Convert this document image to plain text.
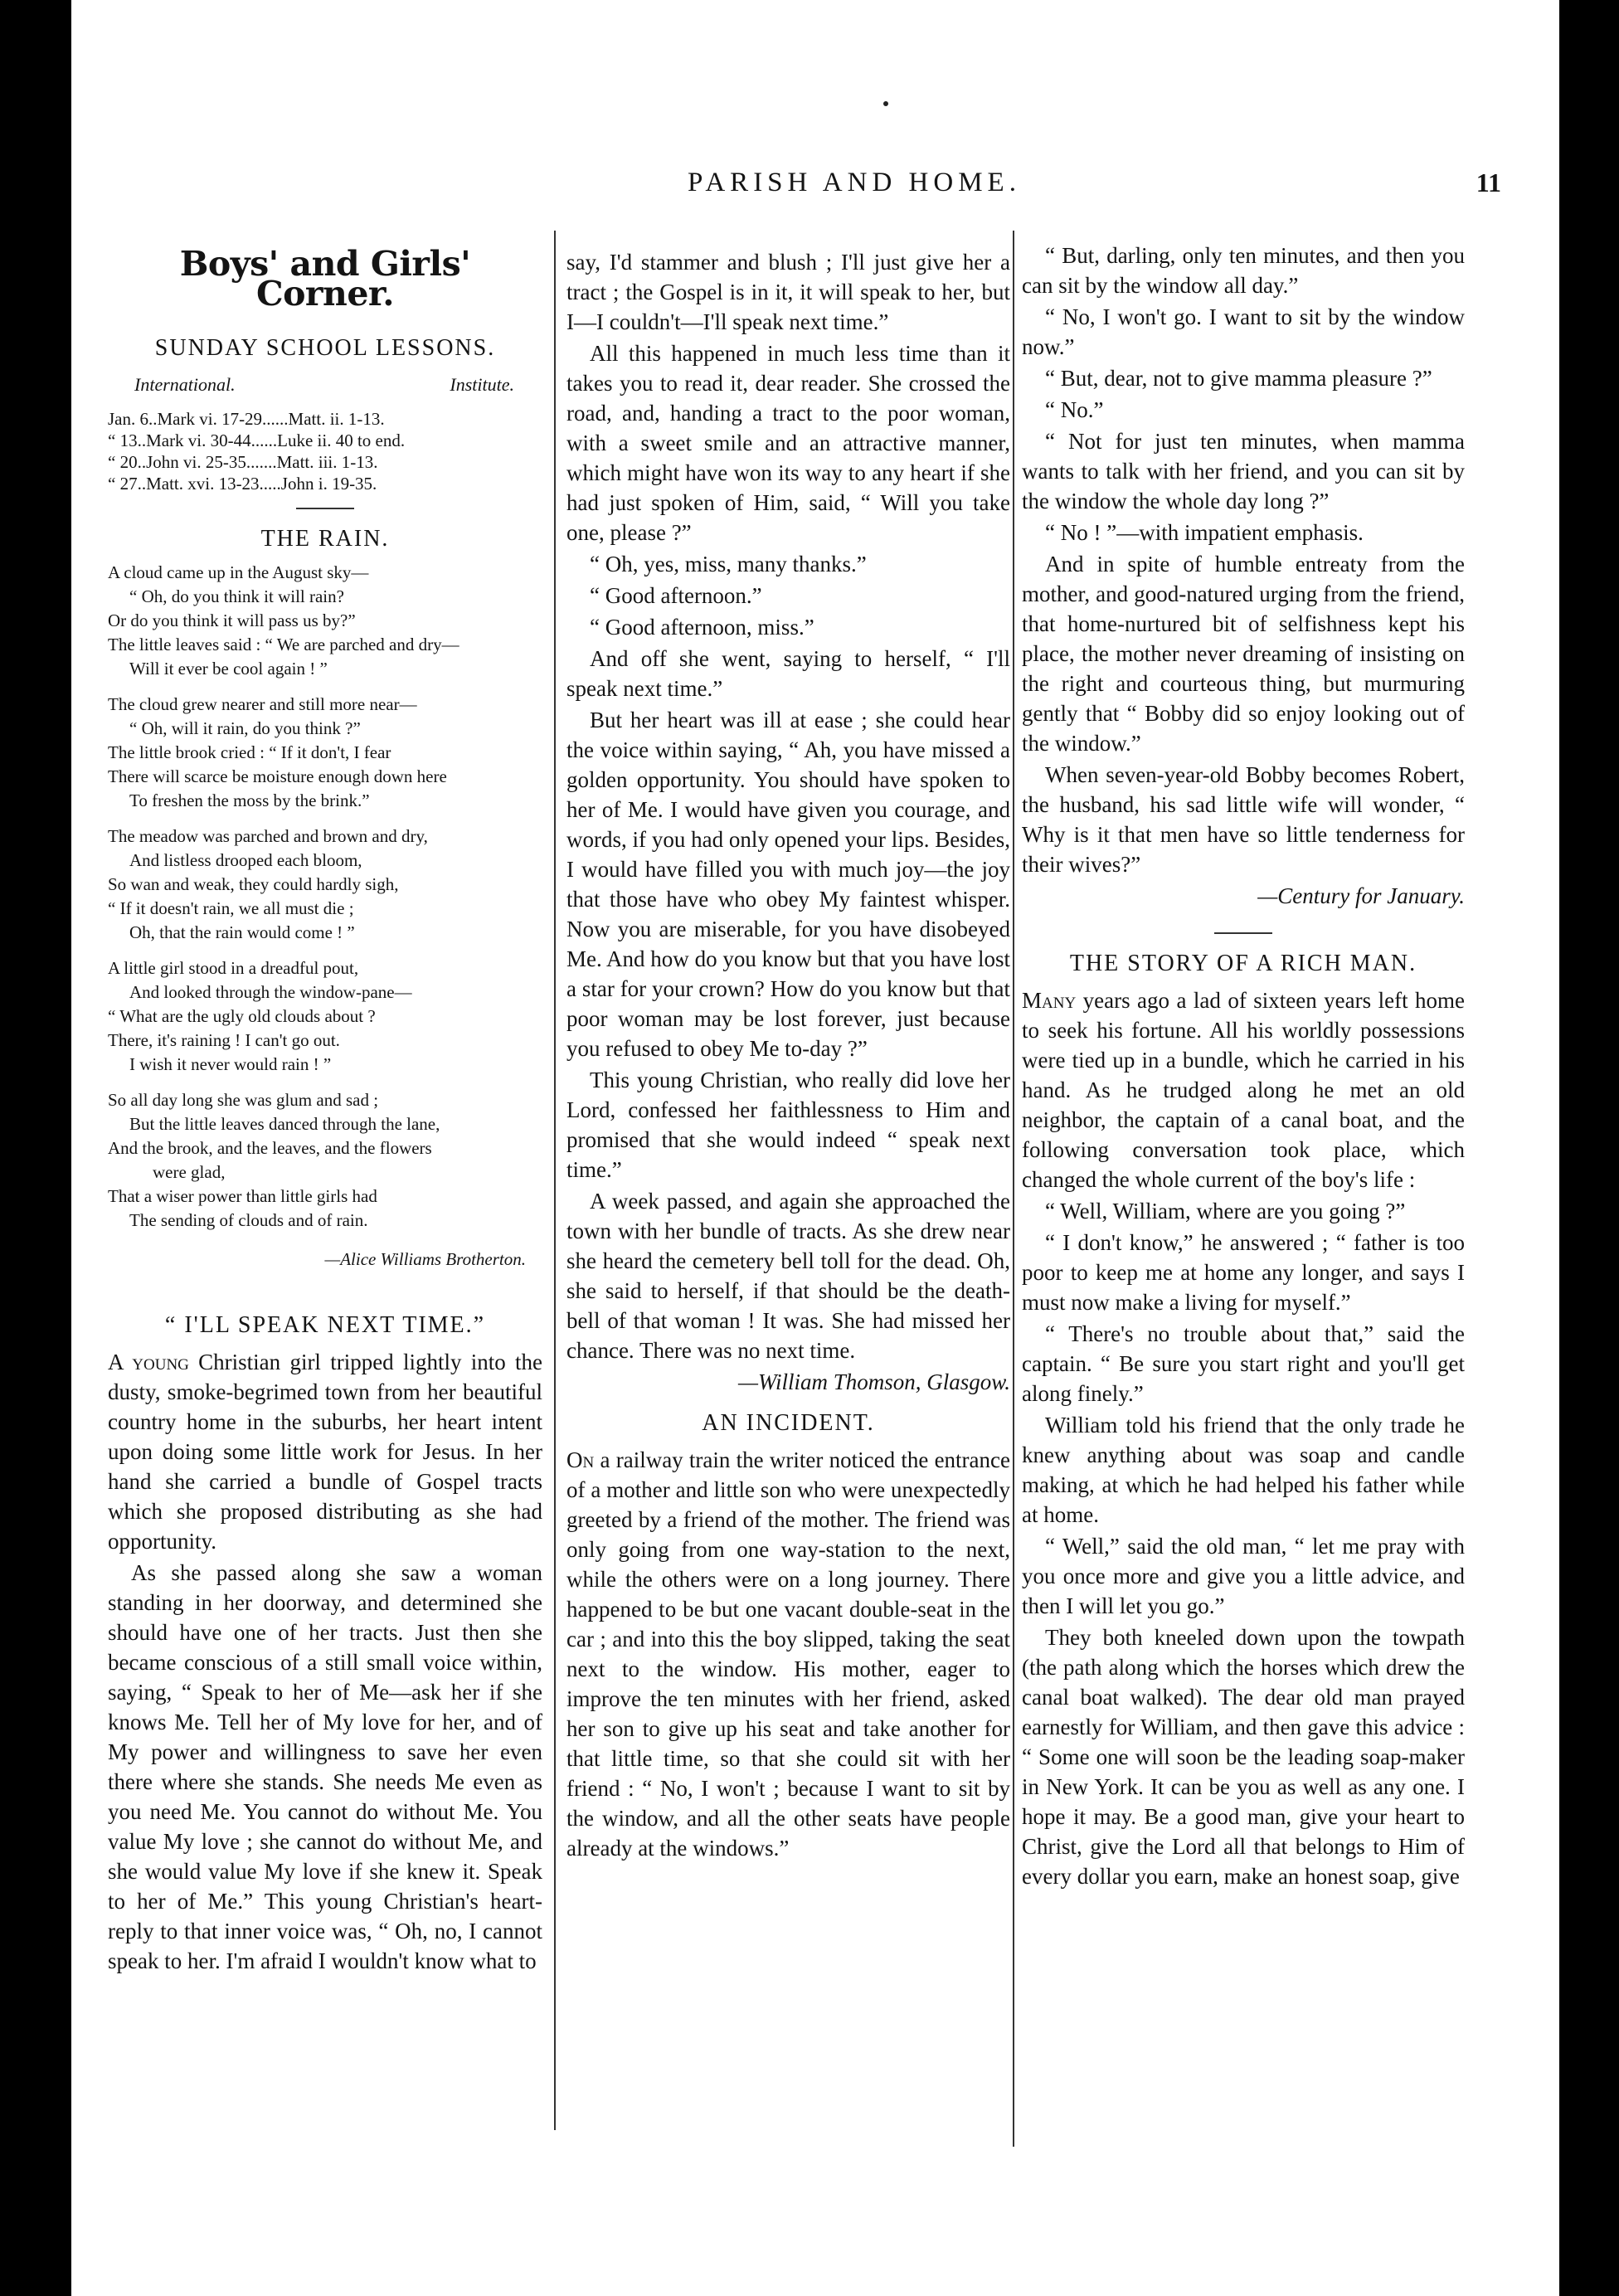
PARISH AND HOME.	11
Boys' and Girls' Corner.
SUNDAY SCHOOL LESSONS.
International.	Institute.
Jan. 6..Mark vi. 17-29......Matt. ii. 1-13.
“ 13..Mark vi. 30-44......Luke ii. 40 to end.
“ 20..John vi. 25-35.......Matt. iii. 1-13.
“ 27..Matt. xvi. 13-23.....John i. 19-35.
THE RAIN.
A cloud came up in the August sky—
“ Oh, do you think it will rain?
Or do you think it will pass us by?”
The little leaves said : “ We are parched and dry—
Will it ever be cool again ! ”
The cloud grew nearer and still more near—
“ Oh, will it rain, do you think ?”
The little brook cried : “ If it don't, I fear
There will scarce be moisture enough down here
To freshen the moss by the brink.”
The meadow was parched and brown and dry,
And listless drooped each bloom,
So wan and weak, they could hardly sigh,
“ If it doesn't rain, we all must die ;
Oh, that the rain would come ! ”
A little girl stood in a dreadful pout,
And looked through the window-pane—
“ What are the ugly old clouds about ?
There, it's raining ! I can't go out.
I wish it never would rain ! ”
So all day long she was glum and sad ;
But the little leaves danced through the lane,
And the brook, and the leaves, and the flowers
were glad,
That a wiser power than little girls had
The sending of clouds and of rain.
—Alice Williams Brotherton.
“ I'LL SPEAK NEXT TIME.”

A young Christian girl tripped lightly into the dusty, smoke-begrimed town from her beautiful country home in the suburbs, her heart intent upon doing some little work for Jesus. In her hand she carried a bundle of Gospel tracts which she proposed distributing as she had opportunity.

As she passed along she saw a woman standing in her doorway, and determined she should have one of her tracts. Just then she became conscious of a still small voice within, saying, “ Speak to her of Me—ask her if she knows Me. Tell her of My love for her, and of My power and willingness to save her even there where she stands. She needs Me even as you need Me. You cannot do without Me. You value My love ; she cannot do without Me, and she would value My love if she knew it. Speak to her of Me.” This young Christian's heart-reply to that inner voice was, “ Oh, no, I cannot speak to her. I'm afraid I wouldn't know what to

say, I'd stammer and blush ; I'll just give her a tract ; the Gospel is in it, it will speak to her, but I—I couldn't—I'll speak next time.”

All this happened in much less time than it takes you to read it, dear reader. She crossed the road, and, handing a tract to the poor woman, with a sweet smile and an attractive manner, which might have won its way to any heart if she had just spoken of Him, said, “ Will you take one, please ?”

“ Oh, yes, miss, many thanks.”

“ Good afternoon.”

“ Good afternoon, miss.”

And off she went, saying to herself, “ I'll speak next time.”

But her heart was ill at ease ; she could hear the voice within saying, “ Ah, you have missed a golden opportunity. You should have spoken to her of Me. I would have given you courage, and words, if you had only opened your lips. Besides, I would have filled you with much joy—the joy that those have who obey My faintest whisper. Now you are miserable, for you have disobeyed Me. And how do you know but that you have lost a star for your crown? How do you know but that poor woman may be lost forever, just because you refused to obey Me to-day ?”

This young Christian, who really did love her Lord, confessed her faithlessness to Him and promised that she would indeed “ speak next time.”

A week passed, and again she approached the town with her bundle of tracts. As she drew near she heard the cemetery bell toll for the dead. Oh, she said to herself, if that should be the death-bell of that woman ! It was. She had missed her chance. There was no next time.

—William Thomson, Glasgow.

AN INCIDENT.

On a railway train the writer noticed the entrance of a mother and little son who were unexpectedly greeted by a friend of the mother. The friend was only going from one way-station to the next, while the others were on a long journey. There happened to be but one vacant double-seat in the car ; and into this the boy slipped, taking the seat next to the window. His mother, eager to improve the ten minutes with her friend, asked her son to give up his seat and take another for that little time, so that she could sit with her friend : “ No, I won't ; because I want to sit by the window, and all the other seats have people already at the windows.”

“ But, darling, only ten minutes, and then you can sit by the window all day.”

“ No, I won't go. I want to sit by the window now.”

“ But, dear, not to give mamma pleasure ?”

“ No.”

“ Not for just ten minutes, when mamma wants to talk with her friend, and you can sit by the window the whole day long ?”

“ No ! ”—with impatient emphasis.

And in spite of humble entreaty from the mother, and good-natured urging from the friend, that home-nurtured bit of selfishness kept his place, the mother never dreaming of insisting on the right and courteous thing, but murmuring gently that “ Bobby did so enjoy looking out of the window.”

When seven-year-old Bobby becomes Robert, the husband, his sad little wife will wonder, “ Why is it that men have so little tenderness for their wives?”

—Century for January.

THE STORY OF A RICH MAN.

Many years ago a lad of sixteen years left home to seek his fortune. All his worldly possessions were tied up in a bundle, which he carried in his hand. As he trudged along he met an old neighbor, the captain of a canal boat, and the following conversation took place, which changed the whole current of the boy's life :

“ Well, William, where are you going ?”

“ I don't know,” he answered ; “ father is too poor to keep me at home any longer, and says I must now make a living for myself.”

“ There's no trouble about that,” said the captain. “ Be sure you start right and you'll get along finely.”

William told his friend that the only trade he knew anything about was soap and candle making, at which he had helped his father while at home.

“ Well,” said the old man, “ let me pray with you once more and give you a little advice, and then I will let you go.”

They both kneeled down upon the towpath (the path along which the horses which drew the canal boat walked). The dear old man prayed earnestly for William, and then gave this advice : “ Some one will soon be the leading soap-maker in New York. It can be you as well as any one. I hope it may. Be a good man, give your heart to Christ, give the Lord all that belongs to Him of every dollar you earn, make an honest soap, give
